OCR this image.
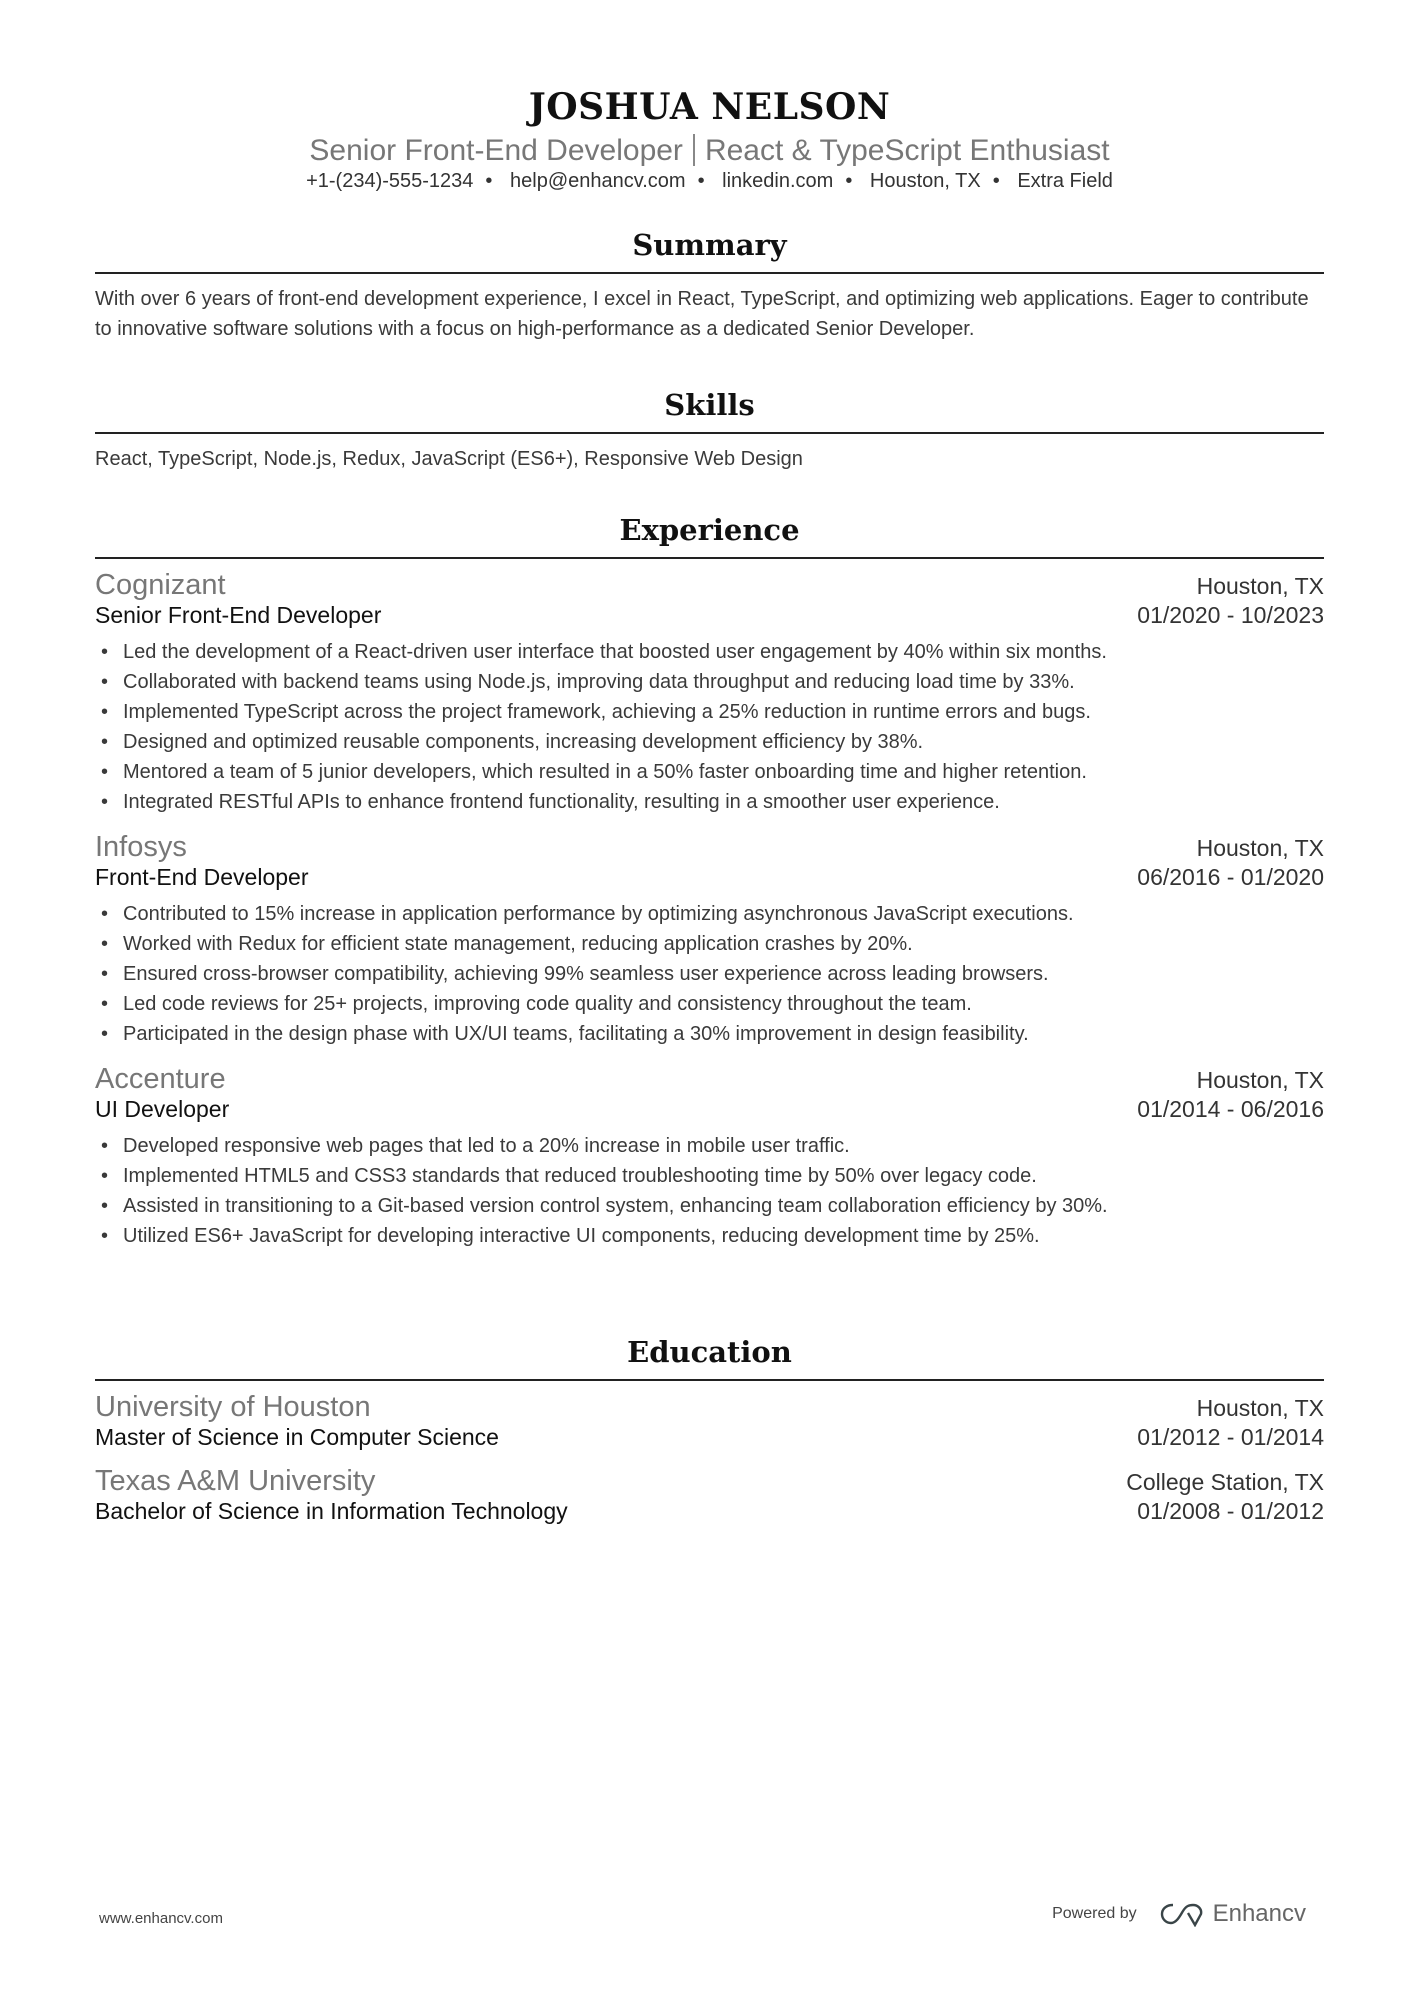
JOSHUA NELSON
Senior Front-End Developer React & TypeScript Enthusiast
+1-(234)-555-1234 • help@enhancv.com • linkedin.com • Houston, TX • Extra Field
Summary
With over 6 years of front-end development experience, I excel in React, TypeScript, and optimizing web applications. Eager to contribute to innovative software solutions with a focus on high-performance as a dedicated Senior Developer.
Skills
React, TypeScript, Node.js, Redux, JavaScript (ES6+), Responsive Web Design
Experience
Cognizant	Houston, TX
Senior Front-End Developer	01/2020 - 10/2023
• Led the development of a React-driven user interface that boosted user engagement by 40% within six months.
• Collaborated with backend teams using Node.js, improving data throughput and reducing load time by 33%.
• Implemented TypeScript across the project framework, achieving a 25% reduction in runtime errors and bugs.
• Designed and optimized reusable components, increasing development efficiency by 38%.
• Mentored a team of 5 junior developers, which resulted in a 50% faster onboarding time and higher retention.
• Integrated RESTful APIs to enhance frontend functionality, resulting in a smoother user experience.
Infosys	Houston, TX
Front-End Developer	06/2016 - 01/2020
• Contributed to 15% increase in application performance by optimizing asynchronous JavaScript executions.
• Worked with Redux for efficient state management, reducing application crashes by 20%.
• Ensured cross-browser compatibility, achieving 99% seamless user experience across leading browsers.
• Led code reviews for 25+ projects, improving code quality and consistency throughout the team.
• Participated in the design phase with UX/UI teams, facilitating a 30% improvement in design feasibility.
Accenture	Houston, TX
UI Developer	01/2014 - 06/2016
• Developed responsive web pages that led to a 20% increase in mobile user traffic.
• Implemented HTML5 and CSS3 standards that reduced troubleshooting time by 50% over legacy code.
• Assisted in transitioning to a Git-based version control system, enhancing team collaboration efficiency by 30%.
• Utilized ES6+ JavaScript for developing interactive UI components, reducing development time by 25%.
Education
University of Houston	Houston, TX
Master of Science in Computer Science	01/2012 - 01/2014
Texas A&M University	College Station, TX
Bachelor of Science in Information Technology	01/2008 - 01/2012
www.enhancv.com	Powered by	Enhancv
